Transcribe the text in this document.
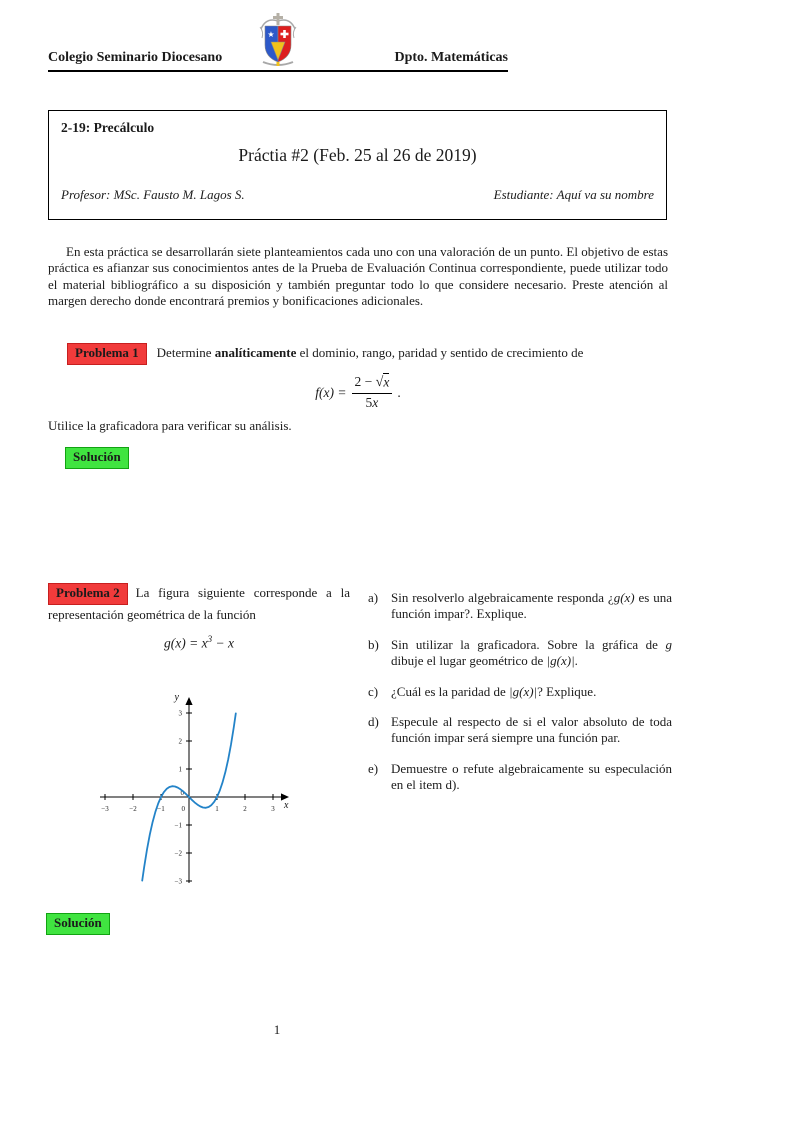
★
Colegio Seminario Diocesano	Dpto. Matemáticas
2-19: Precálculo
Práctia #2 (Feb. 25 al 26 de 2019)
Profesor: MSc. Fausto M. Lagos S.	Estudiante: Aquí va su nombre

En esta práctica se desarrollarán siete planteamientos cada uno con una valoración de un punto. El objetivo de estas práctica es afianzar sus conocimientos antes de la Prueba de Evaluación Continua correspondiente, puede utilizar todo el material bibliográfico a su disposición y también preguntar todo lo que considere necesario. Preste atención al margen derecho donde encontrará premios y bonificaciones adicionales.

Problema 1 Determine analíticamente el dominio, rango, paridad y sentido de crecimiento de
$f(x) = \frac{2 - √x}{5x}$ .
Utilice la graficadora para verificar su análisis.
Solución
Problema 2 La figura siguiente corresponde a la representación geométrica de la función
$g(x) = x^3 - x$
−3	−2	−1	1	2	3
−3
−2
−1
1
2
3
0
0	x
y
a) Sin resolverlo algebraicamente responda ¿g(x) es una función impar?. Explique.
b) Sin utilizar la graficadora. Sobre la gráfica de g dibuje el lugar geométrico de |g(x)|.
c) ¿Cuál es la paridad de |g(x)|? Explique.
d) Especule al respecto de si el valor absoluto de toda función impar será siempre una función par.
e) Demuestre o refute algebraicamente su especulación en el item d).
Solución
1
